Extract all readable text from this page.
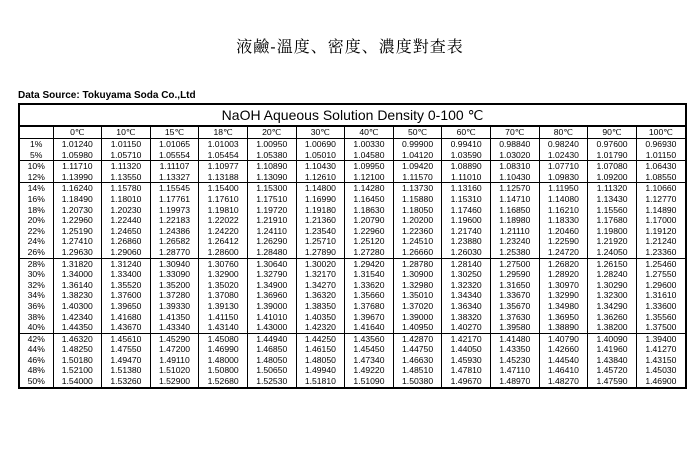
液鹼-溫度、密度、濃度對查表
Data Source: Tokuyama Soda Co.,Ltd
NaOH Aqueous Solution Density 0-100 ℃
	0℃	10℃	15℃	18℃	20℃	30℃	40℃	50℃	60℃	70℃	80℃	90℃	100℃
1%	1.01240	1.01150	1.01065	1.01003	1.00950	1.00690	1.00330	0.99900	0.99410	0.98840	0.98240	0.97600	0.96930
5%	1.05980	1.05710	1.05554	1.05454	1.05380	1.05010	1.04580	1.04120	1.03590	1.03020	1.02430	1.01790	1.01150
10%	1.11710	1.11320	1.11107	1.10977	1.10890	1.10430	1.09950	1.09420	1.08890	1.08310	1.07710	1.07080	1.06430
12%	1.13990	1.13550	1.13327	1.13188	1.13090	1.12610	1.12100	1.11570	1.11010	1.10430	1.09830	1.09200	1.08550
14%	1.16240	1.15780	1.15545	1.15400	1.15300	1.14800	1.14280	1.13730	1.13160	1.12570	1.11950	1.11320	1.10660
16%	1.18490	1.18010	1.17761	1.17610	1.17510	1.16990	1.16450	1.15880	1.15310	1.14710	1.14080	1.13430	1.12770
18%	1.20730	1.20230	1.19973	1.19810	1.19720	1.19180	1.18630	1.18050	1.17460	1.16850	1.16210	1.15560	1.14890
20%	1.22960	1.22440	1.22183	1.22022	1.21910	1.21360	1.20790	1.20200	1.19600	1.18980	1.18330	1.17680	1.17000
22%	1.25190	1.24650	1.24386	1.24220	1.24110	1.23540	1.22960	1.22360	1.21740	1.21110	1.20460	1.19800	1.19120
24%	1.27410	1.26860	1.26582	1.26412	1.26290	1.25710	1.25120	1.24510	1.23880	1.23240	1.22590	1.21920	1.21240
26%	1.29630	1.29060	1.28770	1.28600	1.28480	1.27890	1.27280	1.26660	1.26030	1.25380	1.24720	1.24050	1.23360
28%	1.31820	1.31240	1.30940	1.30760	1.30640	1.30020	1.29420	1.28780	1.28140	1.27500	1.26820	1.26150	1.25460
30%	1.34000	1.33400	1.33090	1.32900	1.32790	1.32170	1.31540	1.30900	1.30250	1.29590	1.28920	1.28240	1.27550
32%	1.36140	1.35520	1.35200	1.35020	1.34900	1.34270	1.33620	1.32980	1.32320	1.31650	1.30970	1.30290	1.29600
34%	1.38230	1.37600	1.37280	1.37080	1.36960	1.36320	1.35660	1.35010	1.34340	1.33670	1.32990	1.32300	1.31610
36%	1.40300	1.39650	1.39330	1.39130	1.39000	1.38350	1.37680	1.37020	1.36340	1.35670	1.34980	1.34290	1.33600
38%	1.42340	1.41680	1.41350	1.41150	1.41010	1.40350	1.39670	1.39000	1.38320	1.37630	1.36950	1.36260	1.35560
40%	1.44350	1.43670	1.43340	1.43140	1.43000	1.42320	1.41640	1.40950	1.40270	1.39580	1.38890	1.38200	1.37500
42%	1.46320	1.45610	1.45290	1.45080	1.44940	1.44250	1.43560	1.42870	1.42170	1.41480	1.40790	1.40090	1.39400
44%	1.48250	1.47550	1.47200	1.46990	1.46850	1.46150	1.45450	1.44750	1.44050	1.43350	1.42660	1.41960	1.41270
46%	1.50180	1.49470	1.49110	1.48000	1.48050	1.48050	1.47340	1.46630	1.45930	1.45230	1.44540	1.43840	1.43150
48%	1.52100	1.51380	1.51020	1.50800	1.50650	1.49940	1.49220	1.48510	1.47810	1.47110	1.46410	1.45720	1.45030
50%	1.54000	1.53260	1.52900	1.52680	1.52530	1.51810	1.51090	1.50380	1.49670	1.48970	1.48270	1.47590	1.46900
